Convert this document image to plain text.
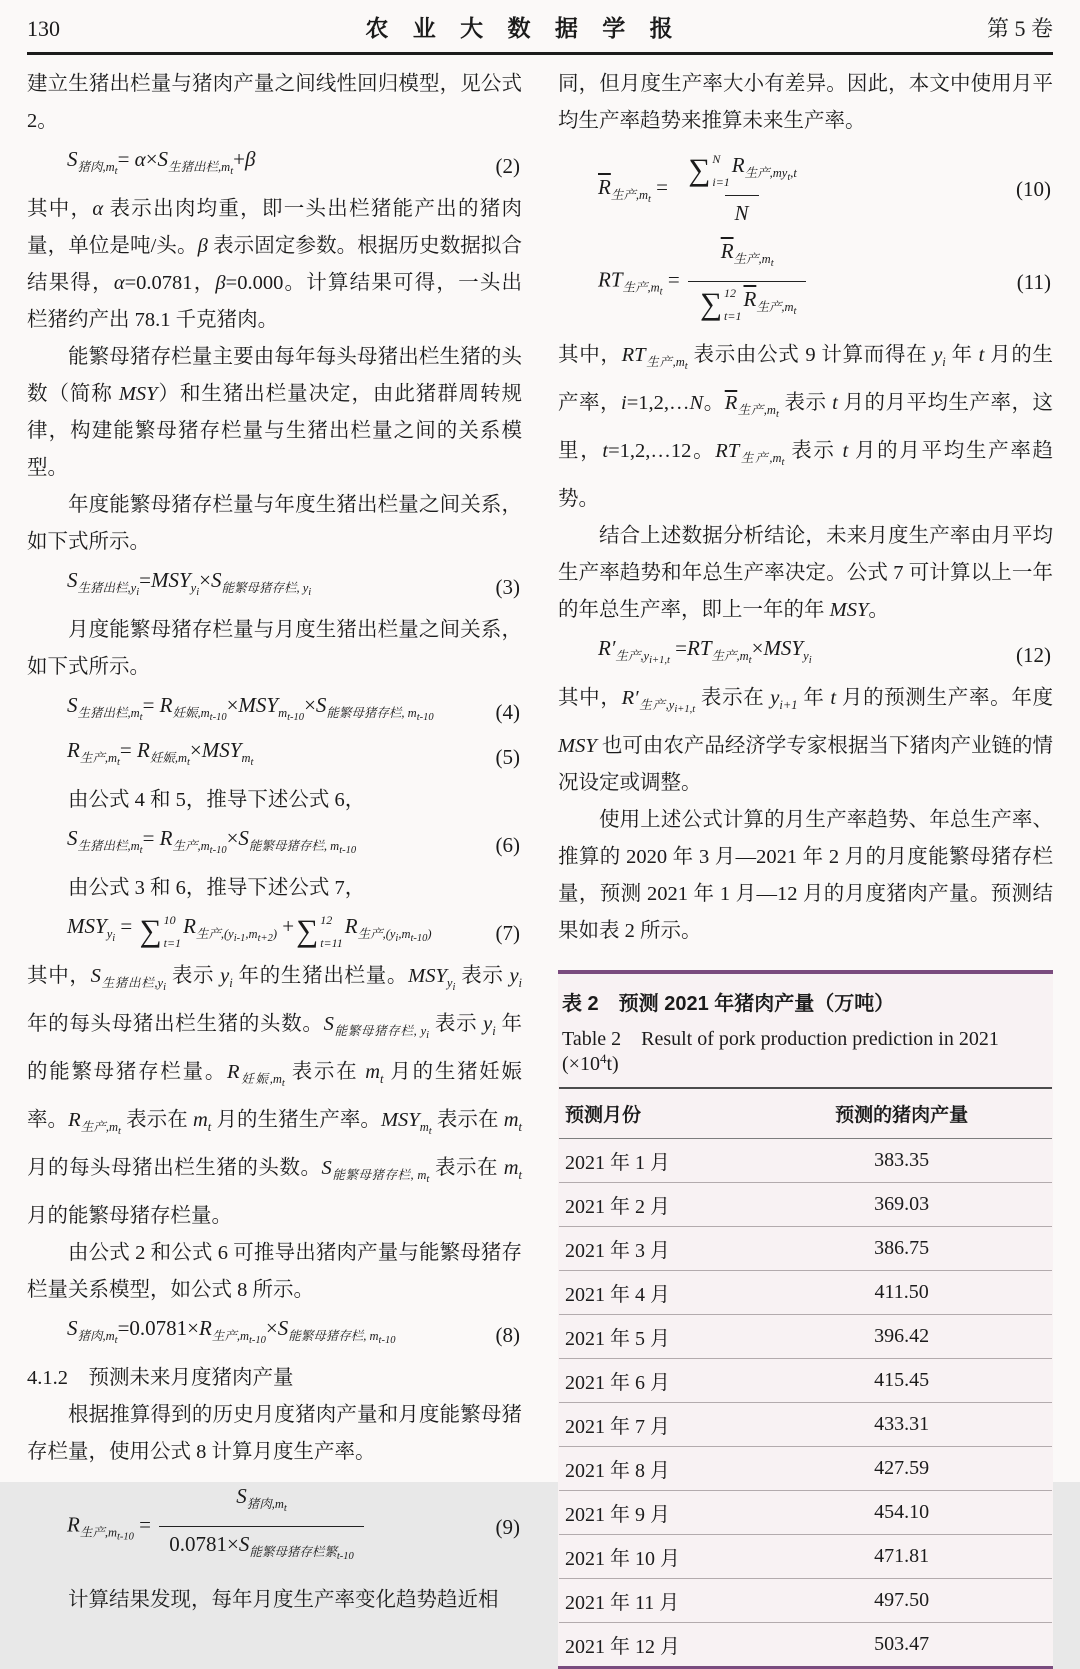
130	农 业 大 数 据 学 报	第 5 卷
建立生猪出栏量与猪肉产量之间线性回归模型，见公式 2。
$S_{猪肉,mt}= \alpha\times S_{生猪出栏,mt}+\beta$	(2)
其中，α 表示出肉均重，即一头出栏猪能产出的猪肉量，单位是吨/头。β 表示固定参数。根据历史数据拟合结果得，α=0.0781，β=0.000。计算结果可得，一头出栏猪约产出 78.1 千克猪肉。
能繁母猪存栏量主要由每年每头母猪出栏生猪的头数（简称 MSY）和生猪出栏量决定，由此猪群周转规律，构建能繁母猪存栏量与生猪出栏量之间的关系模型。
年度能繁母猪存栏量与年度生猪出栏量之间关系，如下式所示。
$S_{生猪出栏,yi}=MSY_{yi}\times S_{能繁母猪存栏, yi}$	(3)
月度能繁母猪存栏量与月度生猪出栏量之间关系，如下式所示。
$S_{生猪出栏,mt}= R_{妊娠,mt-10}\times MSY_{mt-10}\times S_{能繁母猪存栏, mt-10}$	(4)
$R_{生产,mt}= R_{妊娠,mt}\times MSY_{mt}$	(5)
由公式 4 和 5，推导下述公式 6，
$S_{生猪出栏,mt}= R_{生产,mt-10}\times S_{能繁母猪存栏, mt-10}$	(6)
由公式 3 和 6，推导下述公式 7，
$MSY_{yi}$ = ∑ 10
t=1
$R_{生产,(yi-1,mt+2)}$ + ∑ 12
t=11
$R_{生产,(yi,mt-10)}$	(7)
其中，$S_{生猪出栏,yi}$ 表示 $y_i$ 年的生猪出栏量。$MSY_{yi}$ 表示 $y_i$ 年的每头母猪出栏生猪的头数。$S_{能繁母猪存栏, yi}$ 表示 $y_i$ 年的能繁母猪存栏量。$R_{妊娠,mt}$ 表示在 $m_t$ 月的生猪妊娠率。$R_{生产,mt}$ 表示在 $m_t$ 月的生猪生产率。$MSY_{mt}$ 表示在 $m_t$ 月的每头母猪出栏生猪的头数。$S_{能繁母猪存栏, mt}$ 表示在 $m_t$ 月的能繁母猪存栏量。
由公式 2 和公式 6 可推导出猪肉产量与能繁母猪存栏量关系模型，如公式 8 所示。
$S_{猪肉,mt}=0.0781\times R_{生产,mt-10}\times S_{能繁母猪存栏, mt-10}$	(8)
4.1.2　预测未来月度猪肉产量
根据推算得到的历史月度猪肉产量和月度能繁母猪存栏量，使用公式 8 计算月度生产率。
$R_{生产,mt-10} = \frac{S_{猪肉,mt}}{0.0781\times S_{能繁母猪存栏繁t-10}}$	(9)
计算结果发现，每年月度生产率变化趋势趋近相
同，但月度生产率大小有差异。因此，本文中使用月平均生产率趋势来推算未来生产率。
$\overline{R}_{生产,mt}$ = ∑ N
i=1
$R_{生产,myt,t}$
N	(10)
$RT_{生产,mt} = \overline{R}_{生产,mt}$
∑ 12
t=1
$\overline{R}_{生产,mt}$	(11)
其中，$RT_{生产,mt}$ 表示由公式 9 计算而得在 $y_i$ 年 t 月的生产率，i=1,2,…N。$\overline{R}_{生产,mt}$ 表示 t 月的月平均生产率，这里，t=1,2,…12。$RT_{生产,mt}$ 表示 t 月的月平均生产率趋势。
结合上述数据分析结论，未来月度生产率由月平均生产率趋势和年总生产率决定。公式 7 可计算以上一年的年总生产率，即上一年的年 MSY。
$R'_{生产,yi+1,t} =RT_{生产,mt}\times MSY_{yi}$	(12)
其中，$R'_{生产,yi+1,t}$ 表示在 $y_{i+1}$ 年 t 月的预测生产率。年度 MSY 也可由农产品经济学专家根据当下猪肉产业链的情况设定或调整。
使用上述公式计算的月生产率趋势、年总生产率、推算的 2020 年 3 月—2021 年 2 月的月度能繁母猪存栏量，预测 2021 年 1 月—12 月的月度猪肉产量。预测结果如表 2 所示。
表 2　预测 2021 年猪肉产量（万吨）
Table 2　Result of pork production prediction in 2021 $(\times 10^4t)$
预测月份	预测的猪肉产量
2021 年 1 月	383.35
2021 年 2 月	369.03
2021 年 3 月	386.75
2021 年 4 月	411.50
2021 年 5 月	396.42
2021 年 6 月	415.45
2021 年 7 月	433.31
2021 年 8 月	427.59
2021 年 9 月	454.10
2021 年 10 月	471.81
2021 年 11 月	497.50
2021 年 12 月	503.47
